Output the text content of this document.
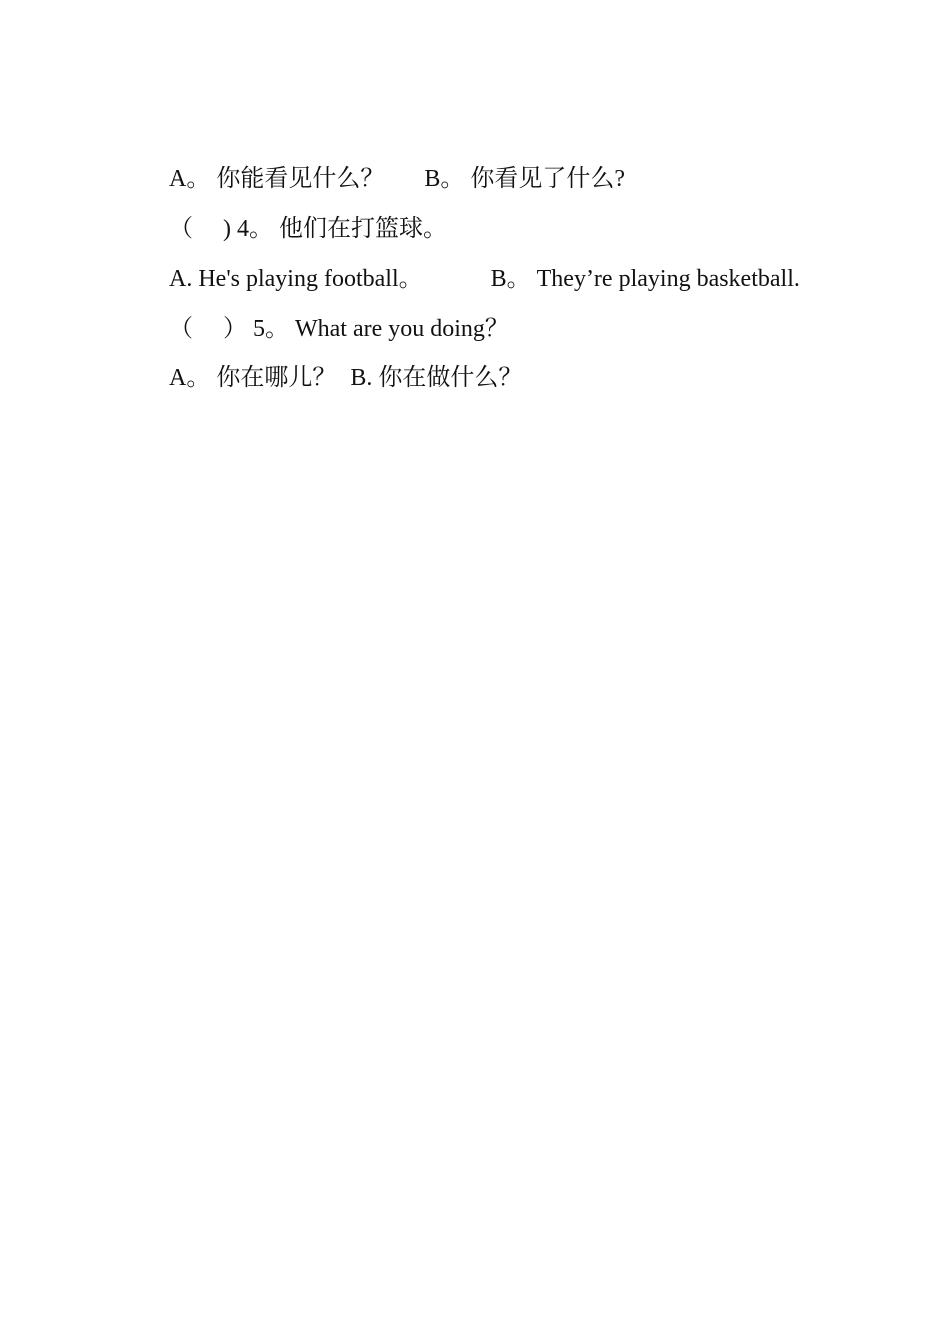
A。 你能看见什么？ B。 你看见了什么?

（ ) 4。 他们在打篮球。

A. He's playing football。	B。 They’re playing basketball.

（ ） 5。 What are you doing？

A。 你在哪儿？ B. 你在做什么？
